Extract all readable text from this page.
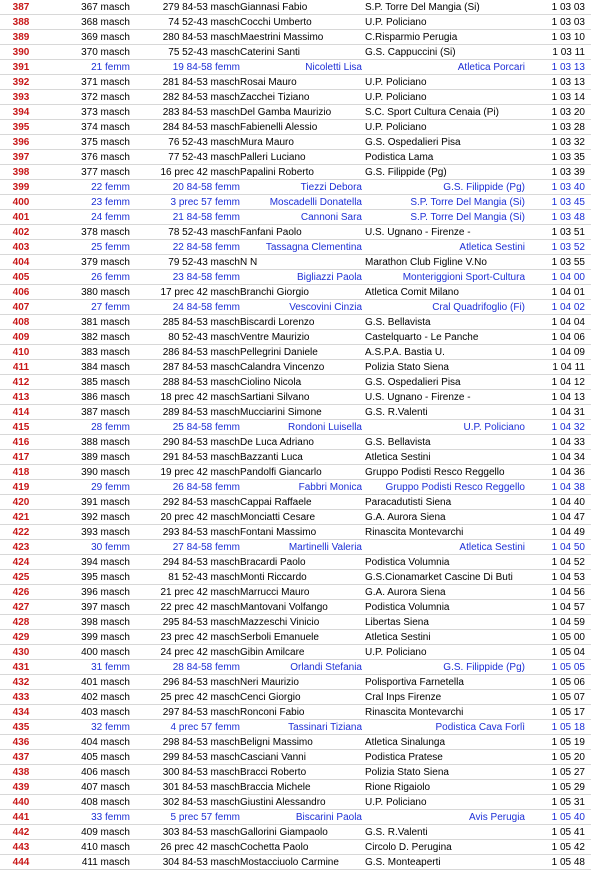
387	367 masch	279 84-53 masch Giannasi Fabio	S.P. Torre Del Mangia (Si)	1 03 03
388	368 masch	74 52-43 masch Cocchi Umberto	U.P. Policiano	1 03 03
389	369 masch	280 84-53 masch Maestrini Massimo	C.Risparmio Perugia	1 03 10
390	370 masch	75 52-43 masch Caterini Santi	G.S. Cappuccini (Si)	1 03 11
391	21 femm	19 84-58 femm	Nicoletti Lisa	Atletica Porcari	1 03 13
392	371 masch	281 84-53 masch Rosai Mauro	U.P. Policiano	1 03 13
393	372 masch	282 84-53 masch Zacchei Tiziano	U.P. Policiano	1 03 14
394	373 masch	283 84-53 masch Del Gamba Maurizio	S.C. Sport Cultura Cenaia (Pi)	1 03 20
395	374 masch	284 84-53 masch Fabienelli Alessio	U.P. Policiano	1 03 28
396	375 masch	76 52-43 masch Mura Mauro	G.S. Ospedalieri Pisa	1 03 32
397	376 masch	77 52-43 masch Palleri Luciano	Podistica Lama	1 03 35
398	377 masch	16 prec 42 masch Papalini Roberto	G.S. Filippide (Pg)	1 03 39
399	22 femm	20 84-58 femm	Tiezzi Debora	G.S. Filippide (Pg)	1 03 40
400	23 femm	3 prec 57 femm	Moscadelli Donatella	S.P. Torre Del Mangia (Si)	1 03 45
401	24 femm	21 84-58 femm	Cannoni Sara	S.P. Torre Del Mangia (Si)	1 03 48
402	378 masch	78 52-43 masch Fanfani Paolo	U.S. Ugnano - Firenze -	1 03 51
403	25 femm	22 84-58 femm	Tassagna Clementina	Atletica Sestini	1 03 52
404	379 masch	79 52-43 masch N N	Marathon Club Figline V.No	1 03 55
405	26 femm	23 84-58 femm	Bigliazzi Paola	Monteriggioni Sport-Cultura	1 04 00
406	380 masch	17 prec 42 masch Branchi Giorgio	Atletica Comit Milano	1 04 01
407	27 femm	24 84-58 femm	Vescovini Cinzia	Cral Quadrifoglio (Fi)	1 04 02
408	381 masch	285 84-53 masch Biscardi Lorenzo	G.S. Bellavista	1 04 04
409	382 masch	80 52-43 masch Ventre Maurizio	Castelquarto - Le Panche	1 04 06
410	383 masch	286 84-53 masch Pellegrini Daniele	A.S.P.A. Bastia U.	1 04 09
411	384 masch	287 84-53 masch Calandra Vincenzo	Polizia Stato Siena	1 04 11
412	385 masch	288 84-53 masch Ciolino Nicola	G.S. Ospedalieri Pisa	1 04 12
413	386 masch	18 prec 42 masch Sartiani Silvano	U.S. Ugnano - Firenze -	1 04 13
414	387 masch	289 84-53 masch Mucciarini Simone	G.S. R.Valenti	1 04 31
415	28 femm	25 84-58 femm	Rondoni Luisella	U.P. Policiano	1 04 32
416	388 masch	290 84-53 masch De Luca Adriano	G.S. Bellavista	1 04 33
417	389 masch	291 84-53 masch Bazzanti Luca	Atletica Sestini	1 04 34
418	390 masch	19 prec 42 masch Pandolfi Giancarlo	Gruppo Podisti Resco Reggello	1 04 36
419	29 femm	26 84-58 femm	Fabbri Monica	Gruppo Podisti Resco Reggello	1 04 38
420	391 masch	292 84-53 masch Cappai Raffaele	Paracadutisti Siena	1 04 40
421	392 masch	20 prec 42 masch Monciatti Cesare	G.A. Aurora Siena	1 04 47
422	393 masch	293 84-53 masch Fontani Massimo	Rinascita Montevarchi	1 04 49
423	30 femm	27 84-58 femm	Martinelli Valeria	Atletica Sestini	1 04 50
424	394 masch	294 84-53 masch Bracardi Paolo	Podistica Volumnia	1 04 52
425	395 masch	81 52-43 masch Monti Riccardo	G.S.Cionamarket Cascine Di Buti	1 04 53
426	396 masch	21 prec 42 masch Marrucci Mauro	G.A. Aurora Siena	1 04 56
427	397 masch	22 prec 42 masch Mantovani Volfango	Podistica Volumnia	1 04 57
428	398 masch	295 84-53 masch Mazzeschi Vinicio	Libertas Siena	1 04 59
429	399 masch	23 prec 42 masch Serboli Emanuele	Atletica Sestini	1 05 00
430	400 masch	24 prec 42 masch Gibin Amilcare	U.P. Policiano	1 05 04
431	31 femm	28 84-58 femm	Orlandi Stefania	G.S. Filippide (Pg)	1 05 05
432	401 masch	296 84-53 masch Neri Maurizio	Polisportiva Farnetella	1 05 06
433	402 masch	25 prec 42 masch Cenci Giorgio	Cral Inps Firenze	1 05 07
434	403 masch	297 84-53 masch Ronconi Fabio	Rinascita Montevarchi	1 05 17
435	32 femm	4 prec 57 femm	Tassinari Tiziana	Podistica Cava Forlì	1 05 18
436	404 masch	298 84-53 masch Beligni Massimo	Atletica Sinalunga	1 05 19
437	405 masch	299 84-53 masch Casciani Vanni	Podistica Pratese	1 05 20
438	406 masch	300 84-53 masch Bracci Roberto	Polizia Stato Siena	1 05 27
439	407 masch	301 84-53 masch Braccia Michele	Rione Rigaiolo	1 05 29
440	408 masch	302 84-53 masch Giustini Alessandro	U.P. Policiano	1 05 31
441	33 femm	5 prec 57 femm	Biscarini Paola	Avis Perugia	1 05 40
442	409 masch	303 84-53 masch Gallorini Giampaolo	G.S. R.Valenti	1 05 41
443	410 masch	26 prec 42 masch Cochetta Paolo	Circolo D. Perugina	1 05 42
444	411 masch	304 84-53 masch Mostacciuolo Carmine	G.S. Monteaperti	1 05 48
